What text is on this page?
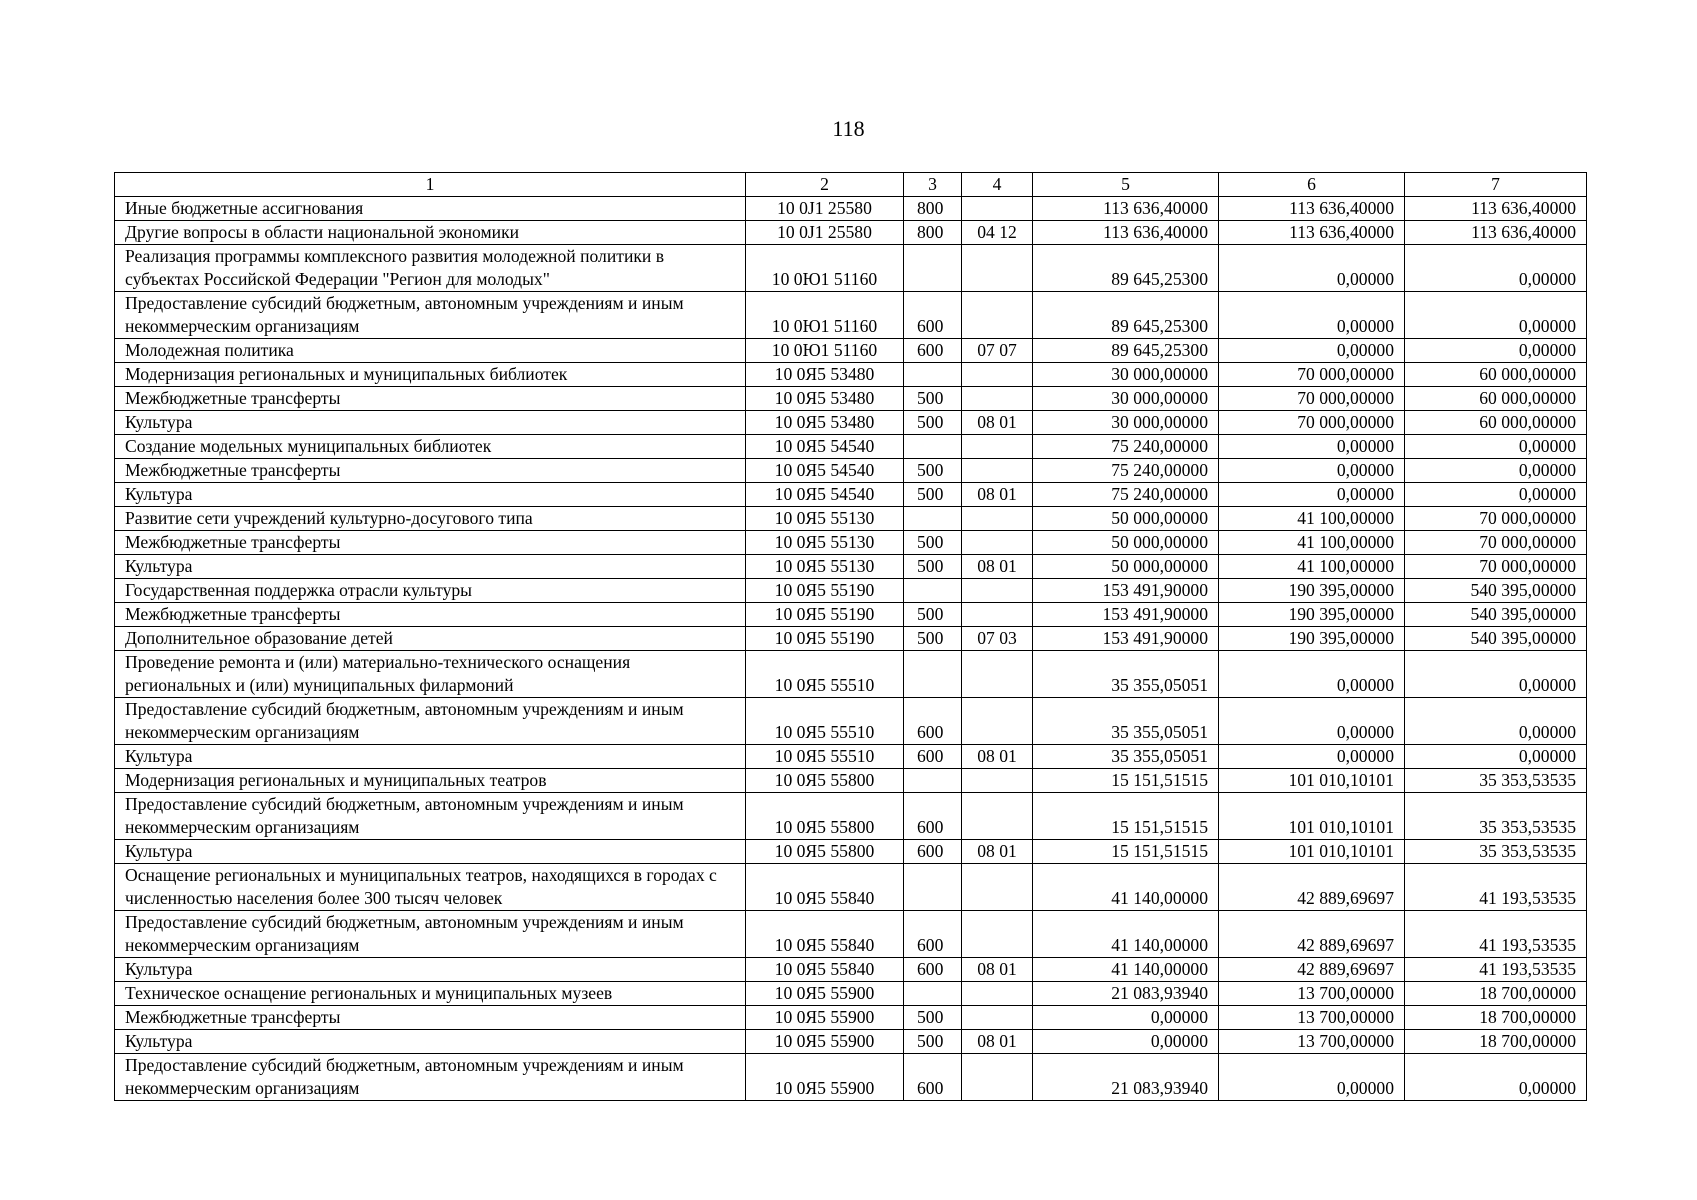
118
1	2	3	4	5	6	7
Иные бюджетные ассигнования	10 0J1 25580	800		113 636,40000	113 636,40000	113 636,40000
Другие вопросы в области национальной экономики	10 0J1 25580	800	04 12	113 636,40000	113 636,40000	113 636,40000
Реализация программы комплексного развития молодежной политики в субъектах Российской Федерации "Регион для молодых"	10 0Ю1 51160			89 645,25300	0,00000	0,00000
Предоставление субсидий бюджетным, автономным учреждениям и иным некоммерческим организациям	10 0Ю1 51160	600		89 645,25300	0,00000	0,00000
Молодежная политика	10 0Ю1 51160	600	07 07	89 645,25300	0,00000	0,00000
Модернизация региональных и муниципальных библиотек	10 0Я5 53480			30 000,00000	70 000,00000	60 000,00000
Межбюджетные трансферты	10 0Я5 53480	500		30 000,00000	70 000,00000	60 000,00000
Культура	10 0Я5 53480	500	08 01	30 000,00000	70 000,00000	60 000,00000
Создание модельных муниципальных библиотек	10 0Я5 54540			75 240,00000	0,00000	0,00000
Межбюджетные трансферты	10 0Я5 54540	500		75 240,00000	0,00000	0,00000
Культура	10 0Я5 54540	500	08 01	75 240,00000	0,00000	0,00000
Развитие сети учреждений культурно-досугового типа	10 0Я5 55130			50 000,00000	41 100,00000	70 000,00000
Межбюджетные трансферты	10 0Я5 55130	500		50 000,00000	41 100,00000	70 000,00000
Культура	10 0Я5 55130	500	08 01	50 000,00000	41 100,00000	70 000,00000
Государственная поддержка отрасли культуры	10 0Я5 55190			153 491,90000	190 395,00000	540 395,00000
Межбюджетные трансферты	10 0Я5 55190	500		153 491,90000	190 395,00000	540 395,00000
Дополнительное образование детей	10 0Я5 55190	500	07 03	153 491,90000	190 395,00000	540 395,00000
Проведение ремонта и (или) материально-технического оснащения региональных и (или) муниципальных филармоний	10 0Я5 55510			35 355,05051	0,00000	0,00000
Предоставление субсидий бюджетным, автономным учреждениям и иным некоммерческим организациям	10 0Я5 55510	600		35 355,05051	0,00000	0,00000
Культура	10 0Я5 55510	600	08 01	35 355,05051	0,00000	0,00000
Модернизация региональных и муниципальных театров	10 0Я5 55800			15 151,51515	101 010,10101	35 353,53535
Предоставление субсидий бюджетным, автономным учреждениям и иным некоммерческим организациям	10 0Я5 55800	600		15 151,51515	101 010,10101	35 353,53535
Культура	10 0Я5 55800	600	08 01	15 151,51515	101 010,10101	35 353,53535
Оснащение региональных и муниципальных театров, находящихся в городах с численностью населения более 300 тысяч человек	10 0Я5 55840			41 140,00000	42 889,69697	41 193,53535
Предоставление субсидий бюджетным, автономным учреждениям и иным некоммерческим организациям	10 0Я5 55840	600		41 140,00000	42 889,69697	41 193,53535
Культура	10 0Я5 55840	600	08 01	41 140,00000	42 889,69697	41 193,53535
Техническое оснащение региональных и муниципальных музеев	10 0Я5 55900			21 083,93940	13 700,00000	18 700,00000
Межбюджетные трансферты	10 0Я5 55900	500		0,00000	13 700,00000	18 700,00000
Культура	10 0Я5 55900	500	08 01	0,00000	13 700,00000	18 700,00000
Предоставление субсидий бюджетным, автономным учреждениям и иным некоммерческим организациям	10 0Я5 55900	600		21 083,93940	0,00000	0,00000
